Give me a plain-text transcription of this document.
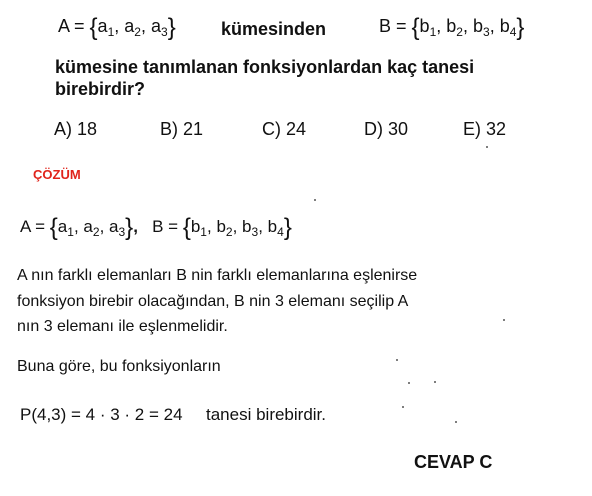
$A = \{a_1$, $a_2$, $a_3$}	kümesinden	$B = \{b_1$, $b_2$, $b_3$, $b_4$}
kümesine tanımlanan fonksiyonlardan kaç tanesi
birebirdir?
A) 18	B) 21	C) 24	D) 30	E) 32
ÇÖZÜM
$A = \{a_1$, $a_2$, $a_3$}, $B = \{b_1$, $b_2$, $b_3$, $b_4$}
A nın farklı elemanları B nin farklı elemanlarına eşlenirse
fonksiyon birebir olacağından, B nin 3 elemanı seçilip A
nın 3 elemanı ile eşlenmelidir.
Buna göre, bu fonksiyonların
P(4,3) = 4 · 3 · 2 = 24 tanesi birebirdir.
CEVAP C
